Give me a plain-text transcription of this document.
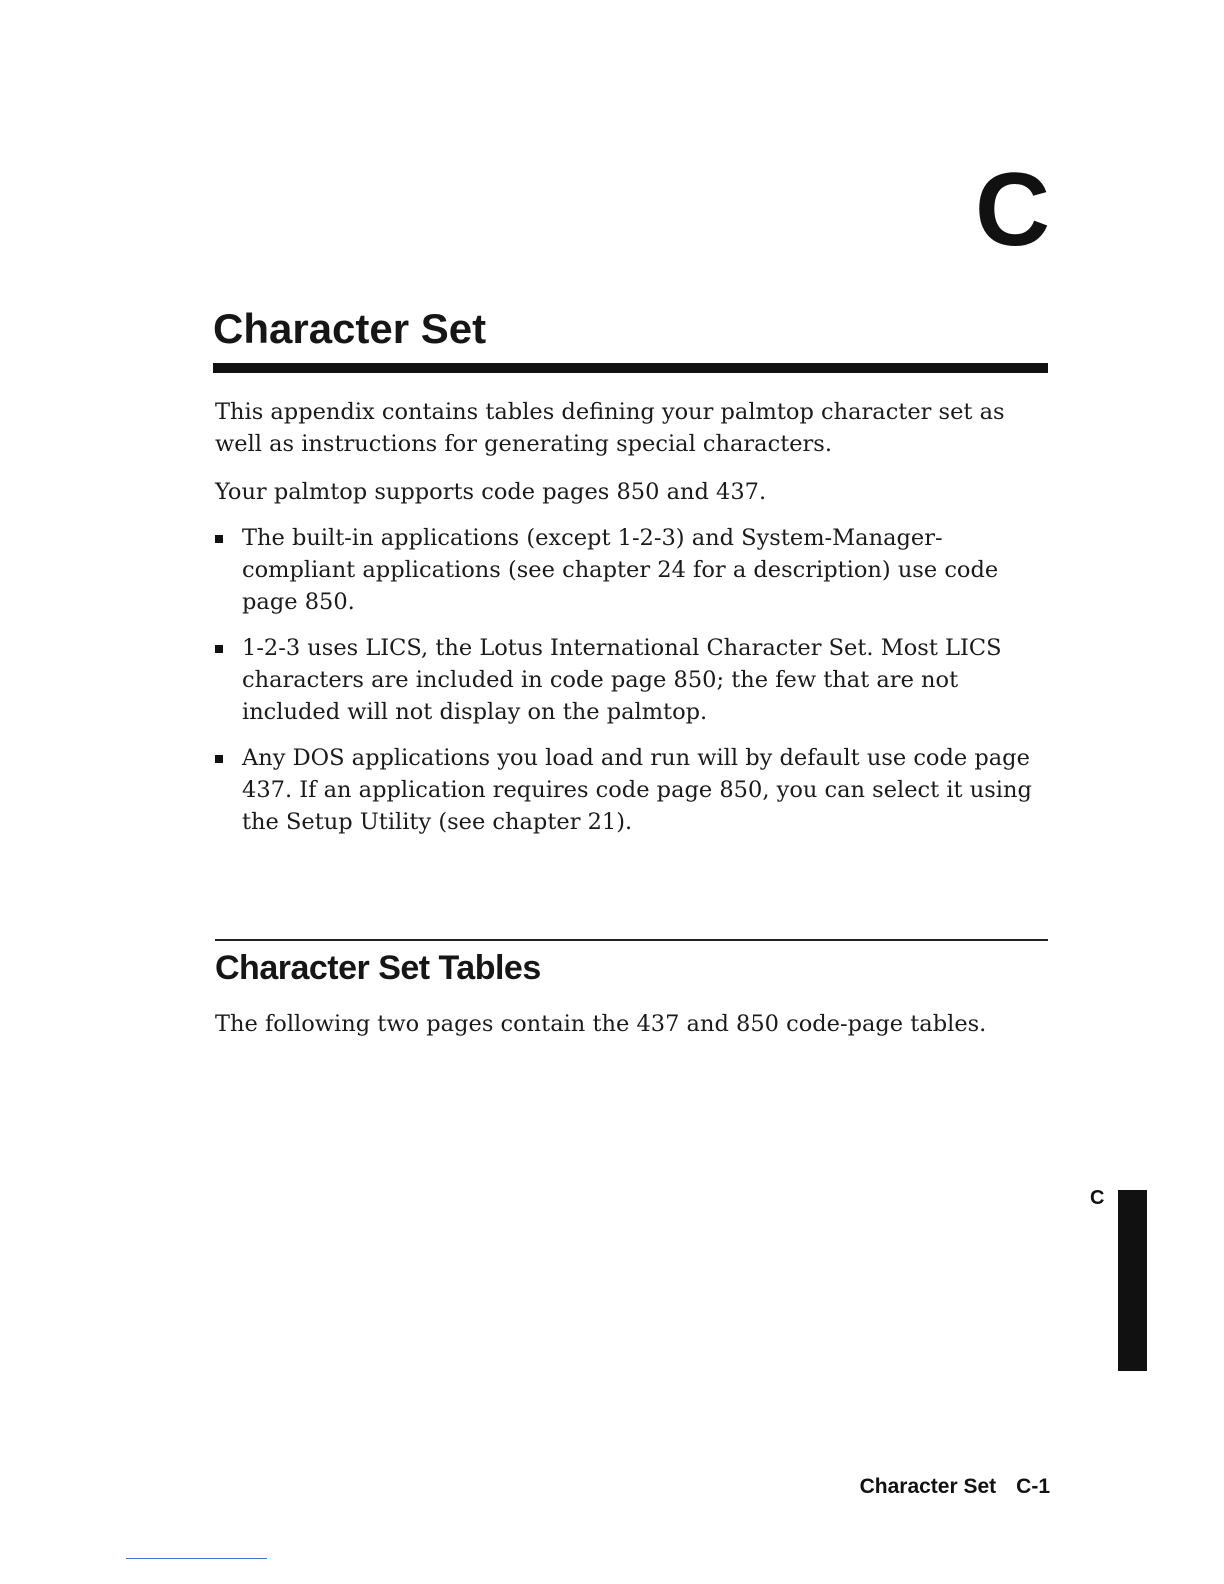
C
Character Set

This appendix contains tables defining your palmtop character set as well as instructions for generating special characters.

Your palmtop supports code pages 850 and 437.

The built-in applications (except 1-2-3) and System-Manager-compliant applications (see chapter 24 for a description) use code page 850.
1-2-3 uses LICS, the Lotus International Character Set. Most LICS characters are included in code page 850; the few that are not included will not display on the palmtop.
Any DOS applications you load and run will by default use code page 437. If an application requires code page 850, you can select it using the Setup Utility (see chapter 21).
Character Set Tables

The following two pages contain the 437 and 850 code-page tables.

C
Character Set C-1
